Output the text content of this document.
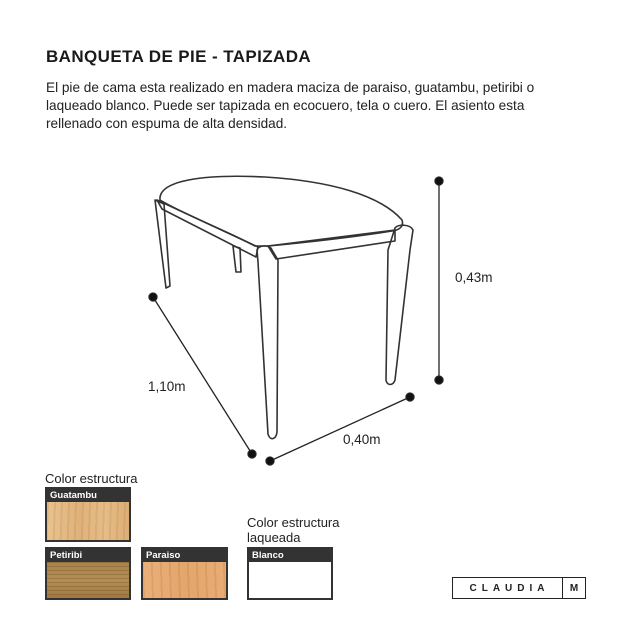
BANQUETA DE PIE - TAPIZADA
El pie de cama esta realizado en madera maciza de paraiso, guatambu, petiribi o laqueado blanco. Puede ser tapizada en ecocuero, tela o cuero. El asiento esta rellenado con espuma de alta densidad.
0,43m
1,10m
0,40m
Color estructura
Guatambu
Petiribi	Paraiso
Color estructura laqueada
Blanco
CLAUDIA	M
